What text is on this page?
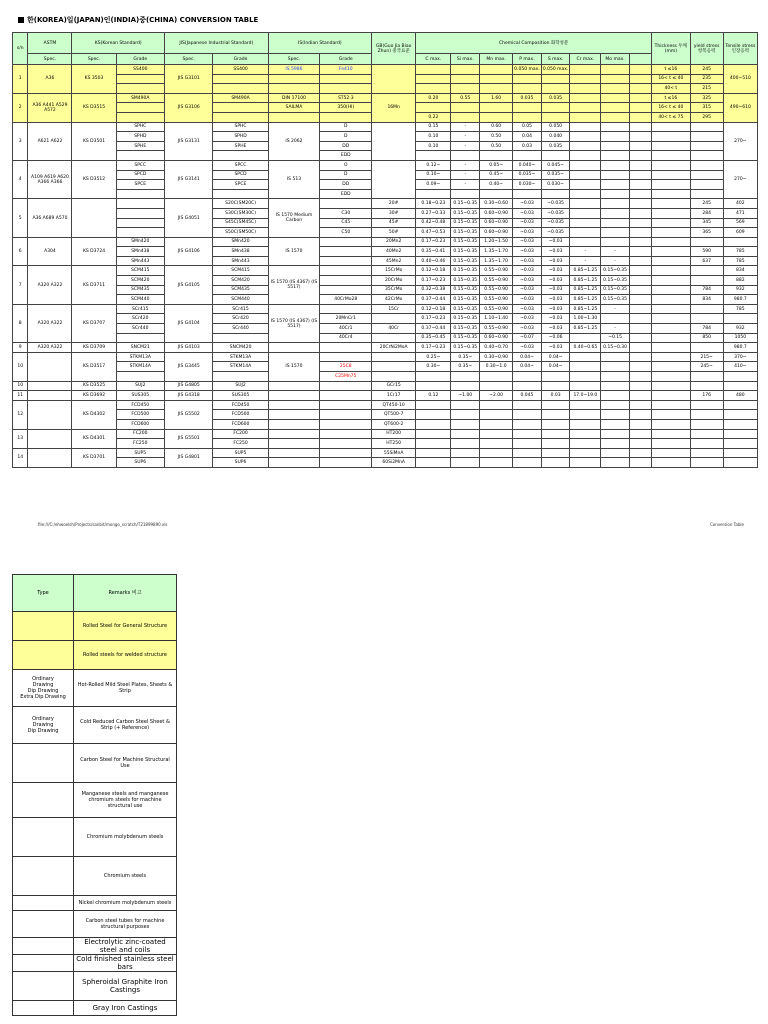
한(KOREA)일(JAPAN)인(INDIA)중(CHINA) CONVERSION TABLE
s/n	ASTM	KS(Korean Standard)		JIS(Japanese Industrial Standard)		IS(Indian Standard)		GB(Guo Jia Biao Zhun) 중국표준	Chemical Composition 화학성분								Thickness 두께(mm)	yield stress 항복응력	Tensile stress 인장응력
	Spec.	Spec.	Grade	Spec.	Grade	Spec.	Grade		C max.	Si max.	Mn max.	P max.	S max.	Cr max.	Mo max.				
1	A36	KS 3503	SS400	JIS G3101	SS400	IS 5986	Fe410					0.050 max.	0.050 max.				t ≤16	245	400~510
																	16< t ≤ 40	235	
																	40< t	215	
2	A36 A441 A529 A572	KS D3515	SM490A	JIS G3106	SM490A	DIN 17100	ST52.3	16Mn	0.20	0.55	1.60	0.035	0.035				t ≤16	325	490~610
						SAILMA	350(HI)										16< t ≤ 40	315	
									0.22								40< t ≤ 75	295	
3	A621 A622	KS D3501	SPHC	JIS G3131	SPHC	IS 2062	D		0.15	-	0.60	0.05	0.050						270~
			SPHD		SPHD		D		0.10	-	0.50	0.04	0.040						
			SPHE		SPHE		DD		0.10	-	0.50	0.03	0.035						
							EDD												
4	A109 A619 A620 A366 A366	KS D3512	SPCC	JIS G3141	SPCC	IS 513	O		0.12~	-	0.05~	0.040~	0.045~						270~
			SPCD		SPCD		D		0.10~	-	0.45~	0.035~	0.035~						
			SPCE		SPCE		DD		0.09~	-	0.40~	0.030~	0.030~						
							EDD												
5	A36 A689 A570			JIS G4051	S20C(SM20C)	IS 1570 Medium Carbon		20#	0.18~0.23	0.15~0.35	0.30~0.60	~0.03	~0.035					245	402
					S30C(SM30C)		C30	30#	0.27~0.33	0.15~0.35	0.60~0.90	~0.03	~0.035					284	471
					S45C(SM45C)		C45	45#	0.42~0.48	0.15~0.35	0.60~0.90	~0.03	~0.035					345	569
					S50C(SM50C)		C50	50#	0.47~0.53	0.15~0.35	0.60~0.90	~0.03	~0.035					365	609
6	A304	KS D3724	SMn420	JIS G4106	SMn420	IS 1570		20Mn2	0.17~0.23	0.15~0.35	1.20~1.50	~0.03	~0.03						
			SMn438		SMn438			40Mn2	0.35~0.41	0.15~0.35	1.35~1.70	~0.03	~0.03	-	-			590	785
			SMn443		SMn443			45Mn2	0.40~0.46	0.15~0.35	1.35~1.70	~0.03	~0.03	-	-			637	785
7	A320 A322	KS D3711	SCM415	JIS G4105	SCM415	IS 1570 (IS 4367) (IS 5517)		15CrMo	0.12~0.18	0.15~0.35	0.55~0.90	~0.03	~0.03	0.85~1.25	0.15~0.35				834
			SCM420		SCM420			20CrMo	0.17~0.23	0.15~0.35	0.55~0.90	~0.03	~0.03	0.85~1.25	0.15~0.35				882
			SCM435		SCM435			35CrMo	0.32~0.38	0.15~0.35	0.55~0.90	~0.03	~0.03	0.85~1.25	0.15~0.35			784	932
			SCM440		SCM440		40CrMo28	42CrMo	0.37~0.44	0.15~0.35	0.55~0.90	~0.03	~0.03	0.85~1.25	0.15~0.35			834	980.7
8	A320 A322	KS D3707	SCr415	JIS G4104	SCr415	IS 1570 (IS 4367) (IS 5517)		15Cr	0.12~0.18	0.15~0.35	0.55~0.90	~0.03	~0.03	0.85~1.25	-				785
			SCr420		SCr420		20MnCr1		0.17~0.23	0.15~0.35	1.10~1.40	~0.03	~0.03	1.00~1.30					
			SCr440		SCr440		40Cr1	40Cr	0.37~0.44	0.15~0.35	0.55~0.90	~0.03	~0.03	0.85~1.25	-			784	932
							40Cr4		0.35~0.45	0.15~0.35	0.60~0.90	~0.07	~0.06		~0.15			850	1050
9	A320 A322	KS D3709	SNCM21	JIS G4103	SNCM420			20CrNi2MoA	0.17~0.23	0.15~0.35	0.40~0.70	~0.03	~0.03	0.40~0.65	0.15~0.30				980.7
10		KS D3517	STKM13A	JIS G3445	STKM13A	IS 1570			0.25~	0.35~	0.30~0.90	0.04~	0.04~					215~	370~
			STKM14A		STKM14A		25C8		0.30~	0.35~	0.30~1.0	0.04~	0.04~					245~	410~
							C25Mn75												
10		KS D3525	SUJ2	JIS G4805	SUJ2			GCr15											
11		KS D3692	SUS305	JIS G4318	SUS305			1Cr17	0.12	~1.00	~2.00	0.045	0.03	17.0~19.0				176	480
12		KS D4302	FCD450	JIS G5502	FCD450			QT450-10											
			FCD500		FCD500			QT500-7											
			FCD600		FCD600			QT600-2											
13		KS D4301	FC200	JIS G5501	FC200			HT200											
			FC250		FC250			HT250											
14		KS D3701	SUP5	JIS G4801	SUP5			55SiMnA											
			SUP6		SUP6			60Si2MnA											
file:///C:/ehwoelsh/Projects/sanbit/mongo_scratch/T21899890.xls	Conversion Table
Type	Remarks 비고
	Rolled Steel for General Structure
	Rolled steels for welded structure

Ordinary
Drawing
Dip Drawing
Extra Dip Drawing	Hot-Rolled Mild Steel Plates, Sheets & Strip

Ordinary
Drawing
Dip Drawing	Cold Reduced Carbon Steel Sheet & Strip (+ Reference)
	Carbon Steel for Machine Structural Use
	Manganese steels and manganese chromium steels for machine structural use
	Chromium molybdenum steels
	Chromium steels
	Nickel chromium molybdenum steels
	Carbon steel tubes for machine structural purposes
	Electrolytic zinc-coated steel and coils
	Cold finished stainless steel bars
	Spheroidal Graphite Iron Castings
	Gray Iron Castings
